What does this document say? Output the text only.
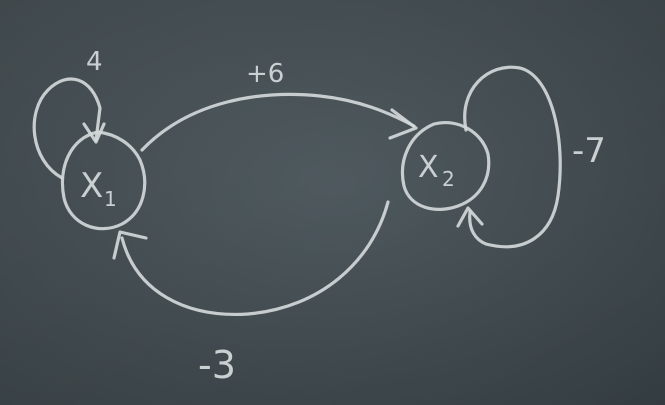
X 1
4	+6
X 2
-7
-3
